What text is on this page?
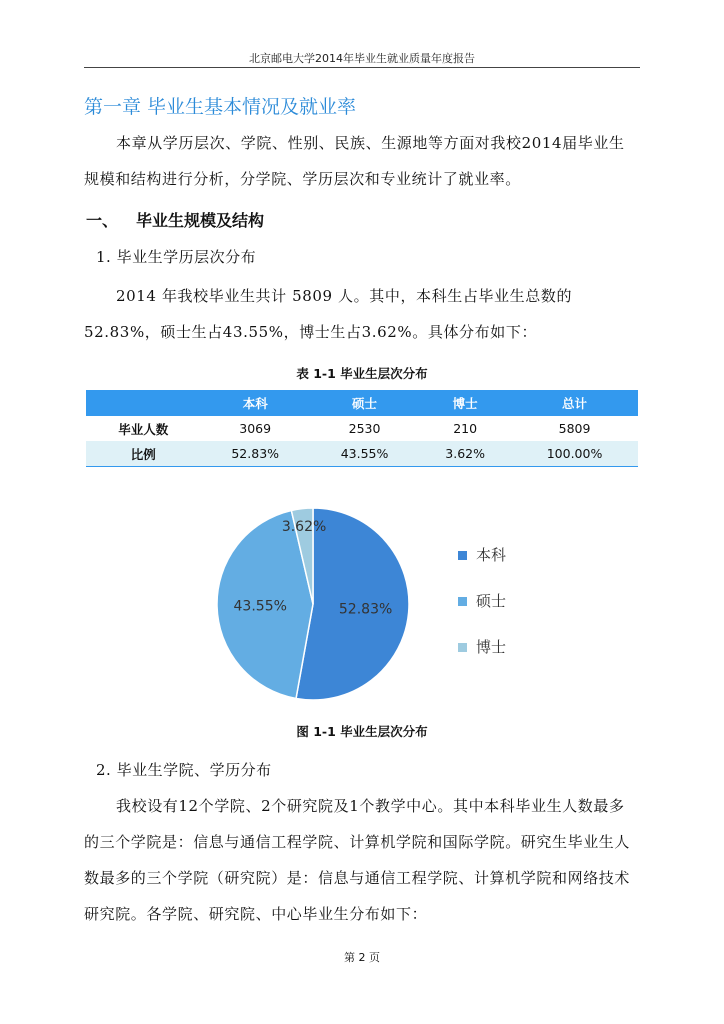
北京邮电大学2014年毕业生就业质量年度报告
第一章 毕业生基本情况及就业率

本章从学历层次、学院、性别、民族、生源地等方面对我校2014届毕业生规模和结构进行分析，分学院、学历层次和专业统计了就业率。

一、 毕业生规模及结构
1. 毕业生学历层次分布

2014 年我校毕业生共计 5809 人。其中，本科生占毕业生总数的52.83%，硕士生占43.55%，博士生占3.62%。具体分布如下：

表 1-1 毕业生层次分布
	本科	硕士	博士	总计
毕业人数	3069	2530	210	5809
比例	52.83%	43.55%	3.62%	100.00%
52.83%
43.55%
3.62%
本科
硕士
博士
图 1-1 毕业生层次分布
2. 毕业生学院、学历分布

我校设有12个学院、2个研究院及1个教学中心。其中本科毕业生人数最多的三个学院是：信息与通信工程学院、计算机学院和国际学院。研究生毕业生人数最多的三个学院（研究院）是：信息与通信工程学院、计算机学院和网络技术研究院。各学院、研究院、中心毕业生分布如下：

第 2 页
